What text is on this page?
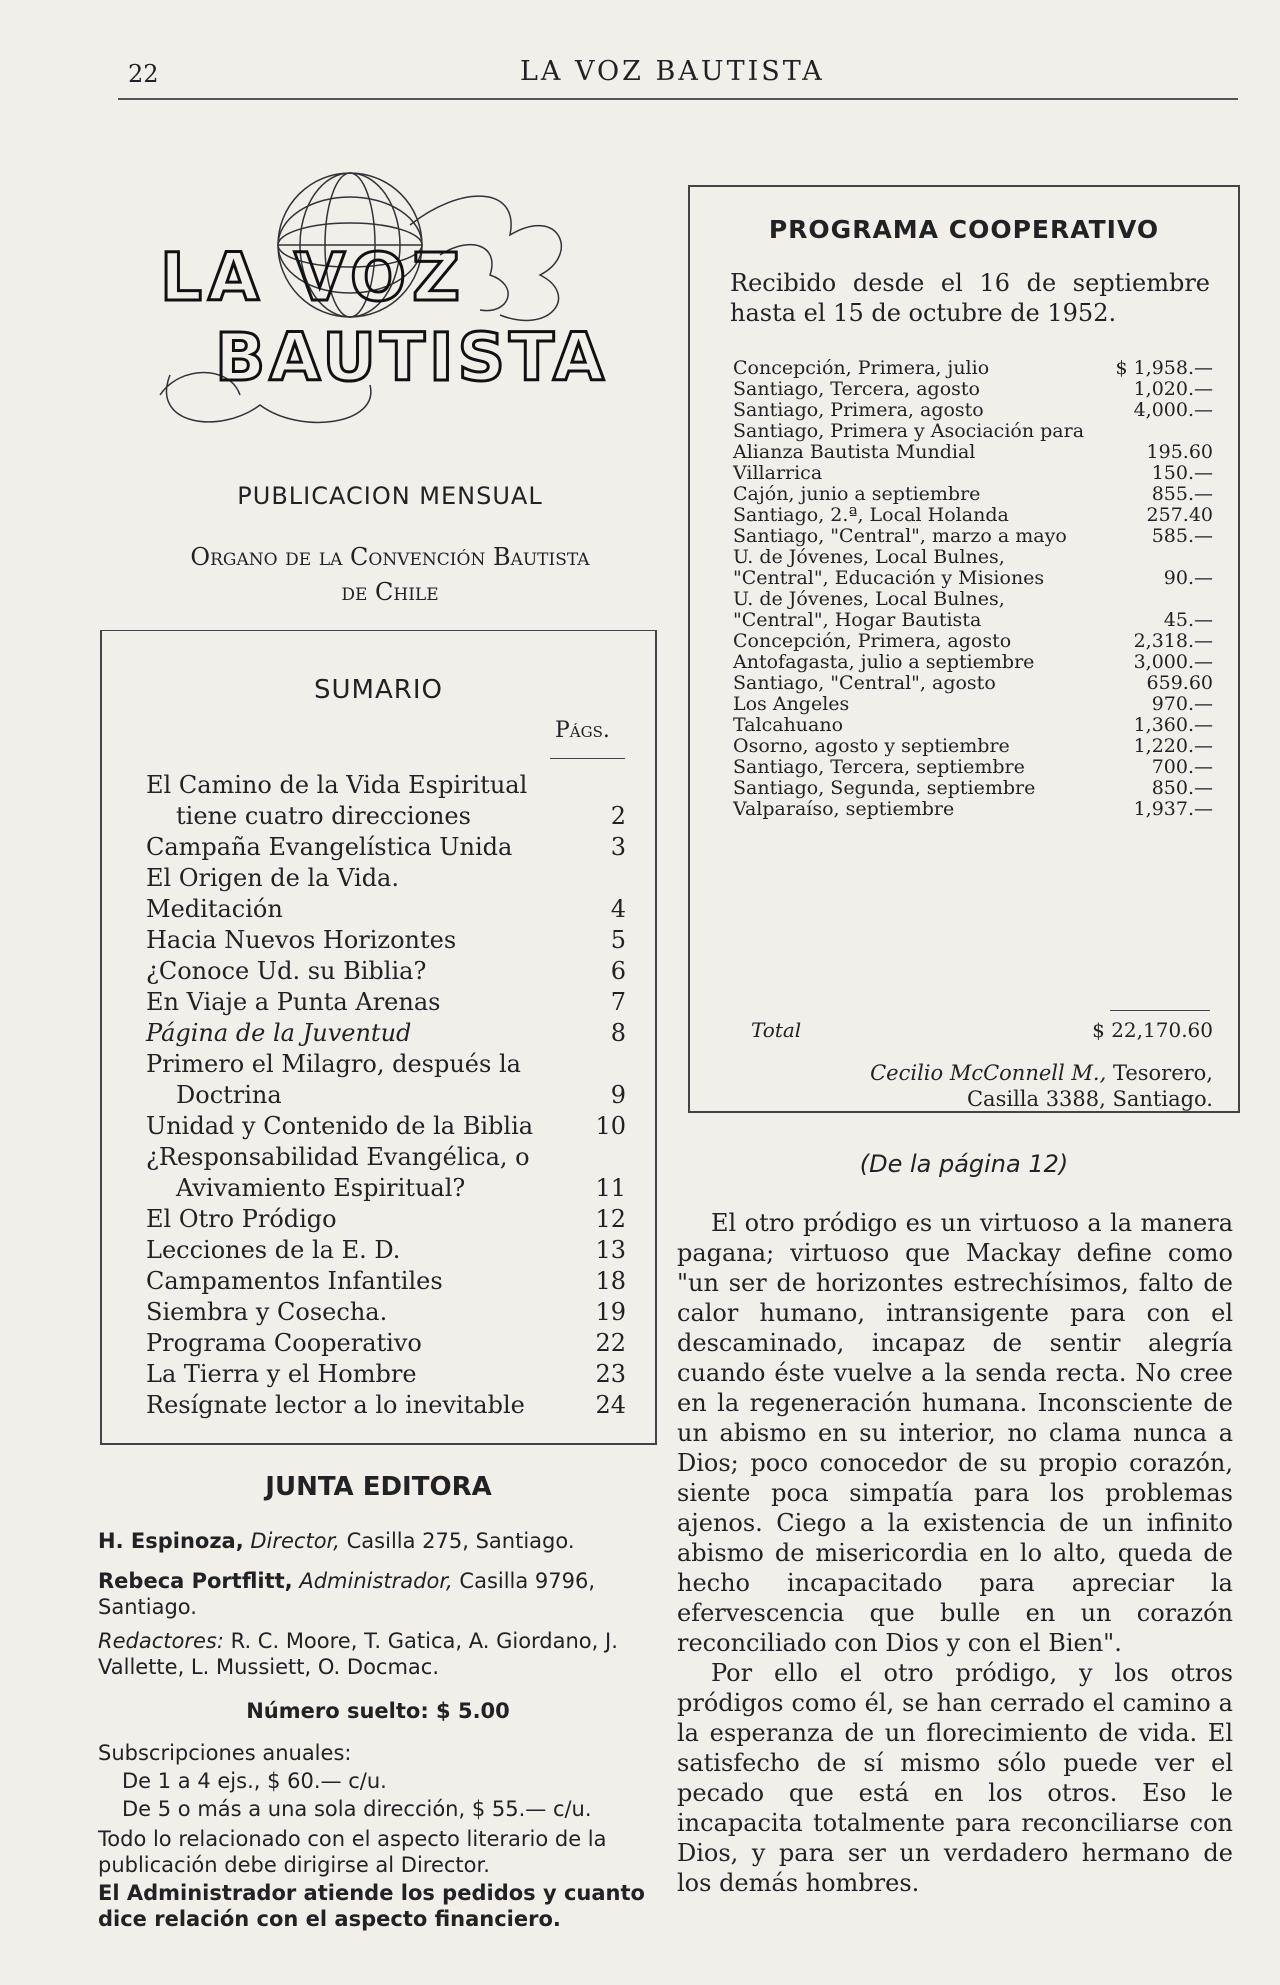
22	LA VOZ BAUTISTA
LA VOZ
BAUTISTA
PUBLICACION MENSUAL
Organo de la Convención Bautista
de Chile
SUMARIO
Págs.
El Camino de la Vida Espiritual tiene cuatro direcciones	2
Campaña Evangelística Unida	3
El Origen de la Vida.
Meditación	4
Hacia Nuevos Horizontes	5
¿Conoce Ud. su Biblia?	6
En Viaje a Punta Arenas	7
Página de la Juventud	8
Primero el Milagro, después la Doctrina	9
Unidad y Contenido de la Biblia	10
¿Responsabilidad Evangélica, o Avivamiento Espiritual?	11
El Otro Pródigo	12
Lecciones de la E. D.	13
Campamentos Infantiles	18
Siembra y Cosecha.	19
Programa Cooperativo	22
La Tierra y el Hombre	23
Resígnate lector a lo inevitable	24
JUNTA EDITORA
H. Espinoza, Director, Casilla 275, Santiago.
Rebeca Portflitt, Administrador, Casilla 9796, Santiago.
Redactores: R. C. Moore, T. Gatica, A. Giordano, J. Vallette, L. Mussiett, O. Docmac.
Número suelto: $ 5.00
Subscripciones anuales:
De 1 a 4 ejs., $ 60.— c/u.
De 5 o más a una sola dirección, $ 55.— c/u.
Todo lo relacionado con el aspecto literario de la publicación debe dirigirse al Director.
El Administrador atiende los pedidos y cuanto dice relación con el aspecto financiero.
PROGRAMA COOPERATIVO
Recibido desde el 16 de septiembre hasta el 15 de octubre de 1952.
Concepción, Primera, julio	$ 1,958.—
Santiago, Tercera, agosto	1,020.—
Santiago, Primera, agosto	4,000.—
Santiago, Primera y Asociación para Alianza Bautista Mundial	195.60
Villarrica	150.—
Cajón, junio a septiembre	855.—
Santiago, 2.ª, Local Holanda	257.40
Santiago, "Central", marzo a mayo	585.—
U. de Jóvenes, Local Bulnes, "Central", Educación y Misiones	90.—
U. de Jóvenes, Local Bulnes, "Central", Hogar Bautista	45.—
Concepción, Primera, agosto	2,318.—
Antofagasta, julio a septiembre	3,000.—
Santiago, "Central", agosto	659.60
Los Angeles	970.—
Talcahuano	1,360.—
Osorno, agosto y septiembre	1,220.—
Santiago, Tercera, septiembre	700.—
Santiago, Segunda, septiembre	850.—
Valparaíso, septiembre	1,937.—
Total	$ 22,170.60
Cecilio McConnell M., Tesorero,
Casilla 3388, Santiago.
(De la página 12)

El otro pródigo es un virtuoso a la manera pagana; virtuoso que Mackay define como "un ser de horizontes estrechísimos, falto de calor humano, intransigente para con el descaminado, incapaz de sentir alegría cuando éste vuelve a la senda recta. No cree en la regeneración humana. Inconsciente de un abismo en su interior, no clama nunca a Dios; poco conocedor de su propio corazón, siente poca simpatía para los problemas ajenos. Ciego a la existencia de un infinito abismo de misericordia en lo alto, queda de hecho incapacitado para apreciar la efervescencia que bulle en un corazón reconciliado con Dios y con el Bien".

Por ello el otro pródigo, y los otros pródigos como él, se han cerrado el camino a la esperanza de un florecimiento de vida. El satisfecho de sí mismo sólo puede ver el pecado que está en los otros. Eso le incapacita totalmente para reconciliarse con Dios, y para ser un verdadero hermano de los demás hombres.
